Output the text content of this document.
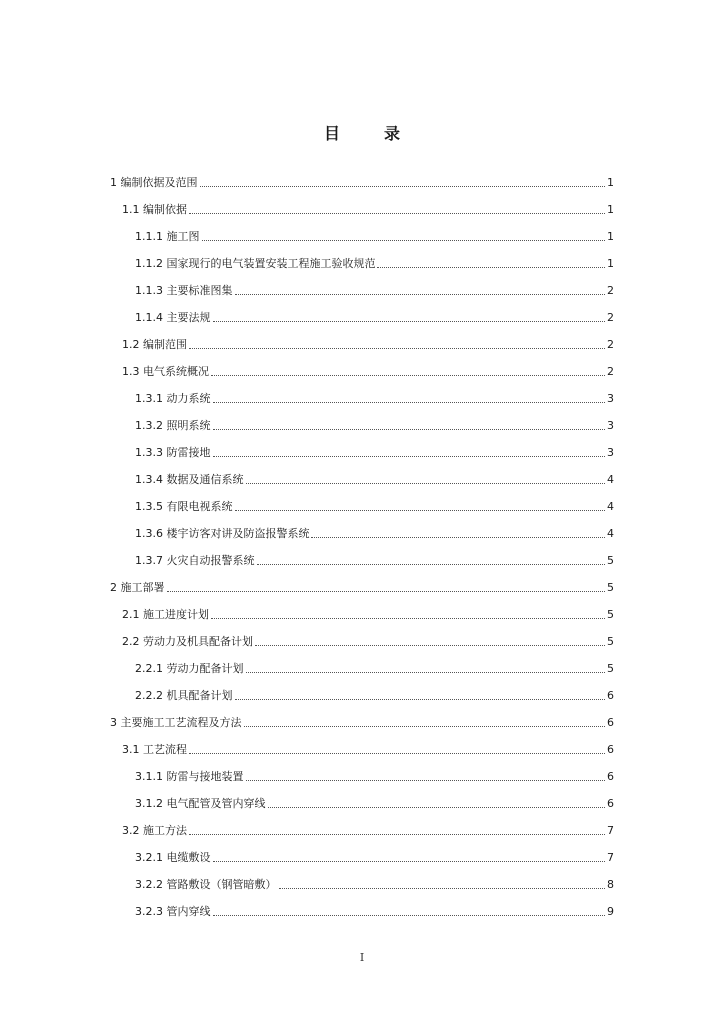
目　录
1 编制依据及范围	1
1.1 编制依据	1
1.1.1 施工图	1
1.1.2 国家现行的电气装置安装工程施工验收规范	1
1.1.3 主要标准图集	2
1.1.4 主要法规	2
1.2 编制范围	2
1.3 电气系统概况	2
1.3.1 动力系统	3
1.3.2 照明系统	3
1.3.3 防雷接地	3
1.3.4 数据及通信系统	4
1.3.5 有限电视系统	4
1.3.6 楼宇访客对讲及防盗报警系统	4
1.3.7 火灾自动报警系统	5
2 施工部署	5
2.1 施工进度计划	5
2.2 劳动力及机具配备计划	5
2.2.1 劳动力配备计划	5
2.2.2 机具配备计划	6
3 主要施工工艺流程及方法	6
3.1 工艺流程	6
3.1.1 防雷与接地装置	6
3.1.2 电气配管及管内穿线	6
3.2 施工方法	7
3.2.1 电缆敷设	7
3.2.2 管路敷设（钢管暗敷）	8
3.2.3 管内穿线	9
I
